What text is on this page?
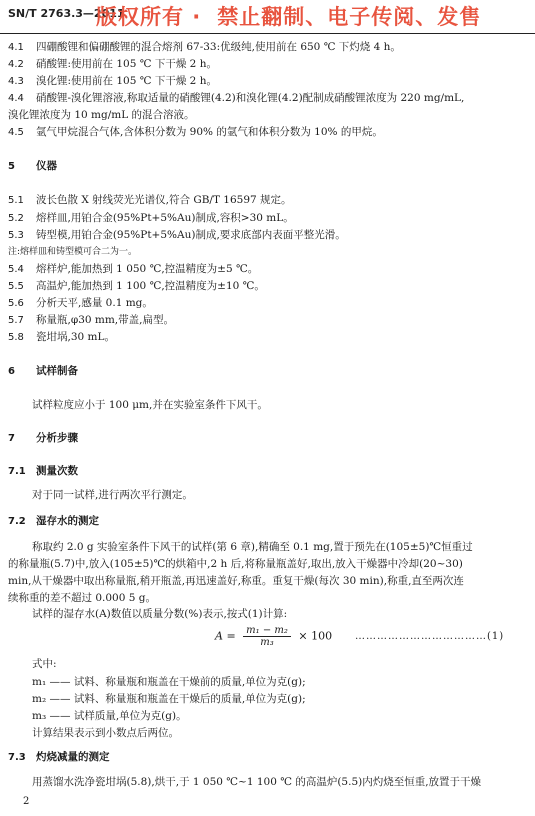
SN/T 2763.3—2011
版权所有 · 禁止翻制、电子传阅、发售
4.1 四硼酸锂和偏硼酸锂的混合熔剂 67-33:优级纯,使用前在 650 ℃ 下灼烧 4 h。
4.2 硝酸锂:使用前在 105 ℃ 下干燥 2 h。
4.3 溴化锂:使用前在 105 ℃ 下干燥 2 h。
4.4 硝酸锂-溴化锂溶液,称取适量的硝酸锂(4.2)和溴化锂(4.2)配制成硝酸锂浓度为 220 mg/mL,
溴化锂浓度为 10 mg/mL 的混合溶液。
4.5 氩气甲烷混合气体,含体积分数为 90% 的氩气和体积分数为 10% 的甲烷。
5 仪器
5.1 波长色散 X 射线荧光光谱仪,符合 GB/T 16597 规定。
5.2 熔样皿,用铂合金(95%Pt+5%Au)制成,容积>30 mL。
5.3 铸型模,用铂合金(95%Pt+5%Au)制成,要求底部内表面平整光滑。
注:熔样皿和铸型模可合二为一。
5.4 熔样炉,能加热到 1 050 ℃,控温精度为±5 ℃。
5.5 高温炉,能加热到 1 100 ℃,控温精度为±10 ℃。
5.6 分析天平,感量 0.1 mg。
5.7 称量瓶,φ30 mm,带盖,扁型。
5.8 瓷坩埚,30 mL。
6 试样制备
试样粒度应小于 100 μm,并在实验室条件下风干。
7 分析步骤
7.1 测量次数
对于同一试样,进行两次平行测定。
7.2 湿存水的测定
称取约 2.0 g 实验室条件下风干的试样(第 6 章),精确至 0.1 mg,置于预先在(105±5)℃恒重过
的称量瓶(5.7)中,放入(105±5)℃的烘箱中,2 h 后,将称量瓶盖好,取出,放入干燥器中冷却(20~30)
min,从干燥器中取出称量瓶,稍开瓶盖,再迅速盖好,称重。重复干燥(每次 30 min),称重,直至两次连
续称重的差不超过 0.000 5 g。
试样的湿存水(A)数值以质量分数(%)表示,按式(1)计算:
$A = \frac{\text{m₁ − m₂}}{\text{m₃}} \times 100$ ………………………………(1)
式中:
m₁ —— 试料、称量瓶和瓶盖在干燥前的质量,单位为克(g);
m₂ —— 试料、称量瓶和瓶盖在干燥后的质量,单位为克(g);
m₃ —— 试样质量,单位为克(g)。
计算结果表示到小数点后两位。
7.3 灼烧减量的测定
用蒸馏水洗净瓷坩埚(5.8),烘干,于 1 050 ℃~1 100 ℃ 的高温炉(5.5)内灼烧至恒重,放置于干燥
2
